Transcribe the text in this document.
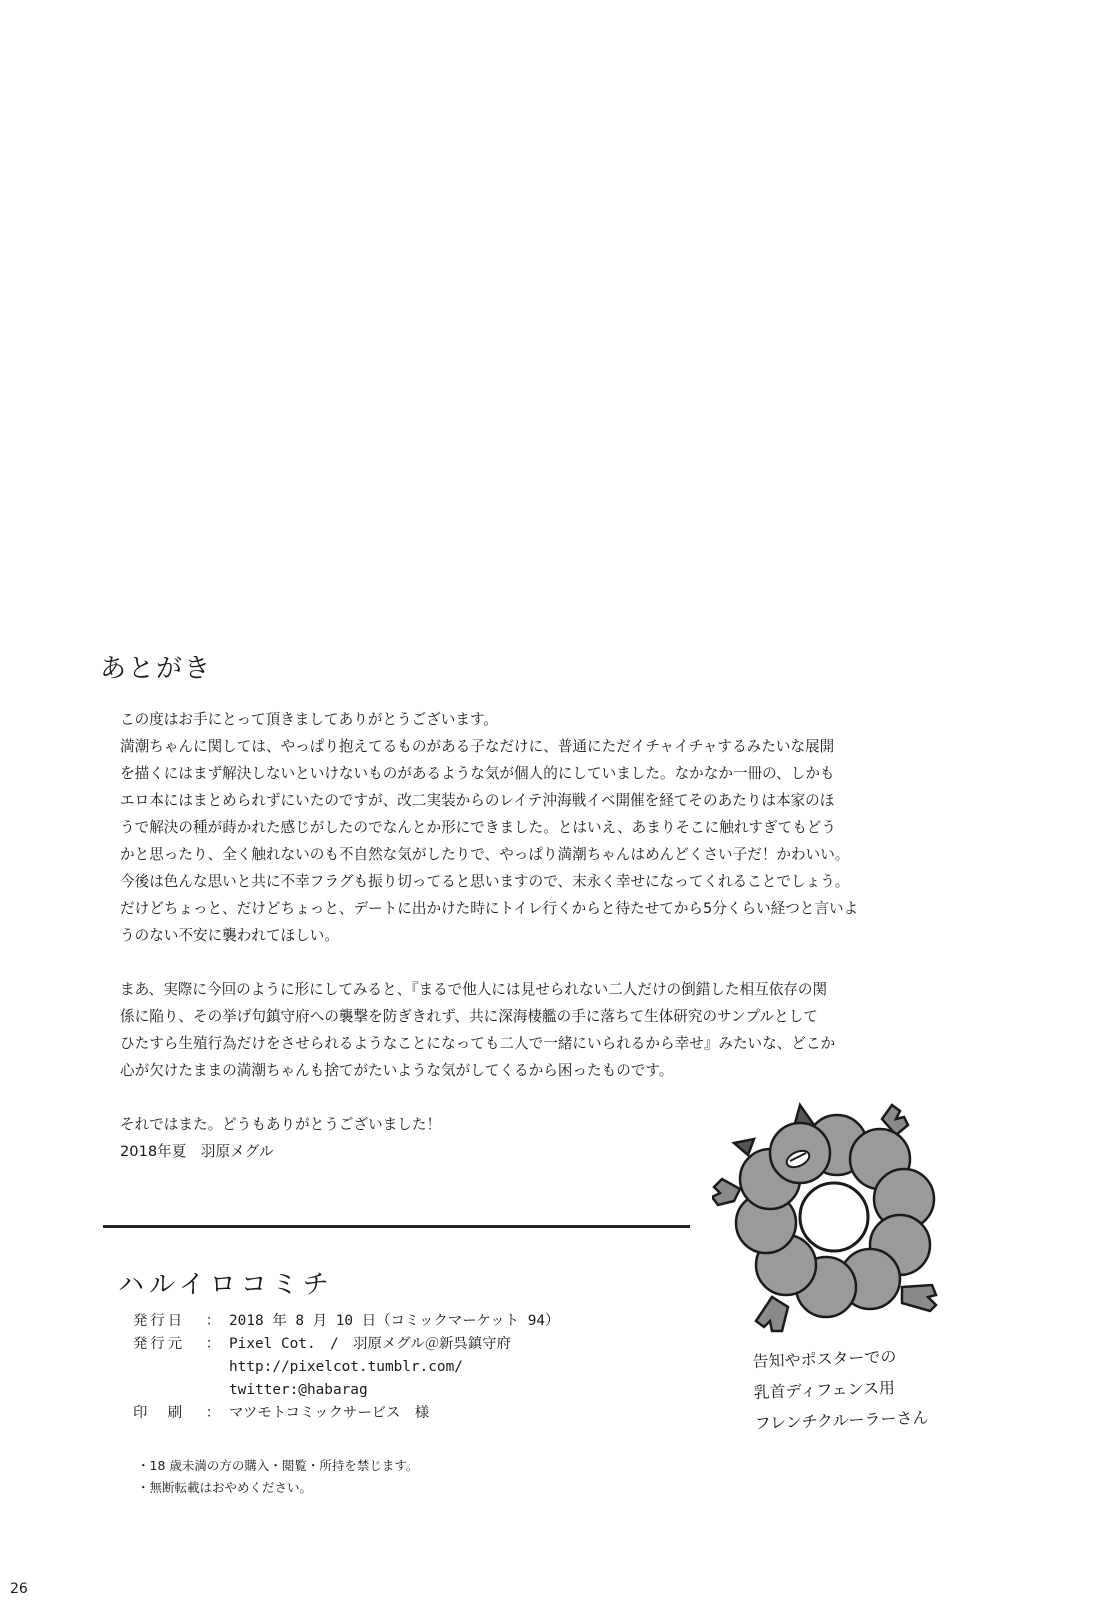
あとがき
この度はお手にとって頂きましてありがとうございます。
満潮ちゃんに関しては、やっぱり抱えてるものがある子なだけに、普通にただイチャイチャするみたいな展開
を描くにはまず解決しないといけないものがあるような気が個人的にしていました。なかなか一冊の、しかも
エロ本にはまとめられずにいたのですが、改二実装からのレイテ沖海戦イベ開催を経てそのあたりは本家のほ
うで解決の種が蒔かれた感じがしたのでなんとか形にできました。とはいえ、あまりそこに触れすぎてもどう
かと思ったり、全く触れないのも不自然な気がしたりで、やっぱり満潮ちゃんはめんどくさい子だ！かわいい。
今後は色んな思いと共に不幸フラグも振り切ってると思いますので、末永く幸せになってくれることでしょう。
だけどちょっと、だけどちょっと、デートに出かけた時にトイレ行くからと待たせてから5分くらい経つと言いよ
うのない不安に襲われてほしい。
まあ、実際に今回のように形にしてみると、『まるで他人には見せられない二人だけの倒錯した相互依存の関
係に陥り、その挙げ句鎮守府への襲撃を防ぎきれず、共に深海棲艦の手に落ちて生体研究のサンプルとして
ひたすら生殖行為だけをさせられるようなことになっても二人で一緒にいられるから幸せ』みたいな、どこか
心が欠けたままの満潮ちゃんも捨てがたいような気がしてくるから困ったものです。
それではまた。どうもありがとうございました！
2018年夏　羽原メグル
ハルイロコミチ
発行日	： 2018 年 8 月 10 日（コミックマーケット 94）
発行元	： Pixel Cot.　/　羽原メグル＠新呉鎮守府
http://pixelcot.tumblr.com/
twitter:@habarag
印　刷	： マツモトコミックサービス　様
・18 歳未満の方の購入・閲覧・所持を禁じます。
・無断転載はおやめください。
告知やポスターでの
乳首ディフェンス用
フレンチクルーラーさん
26
